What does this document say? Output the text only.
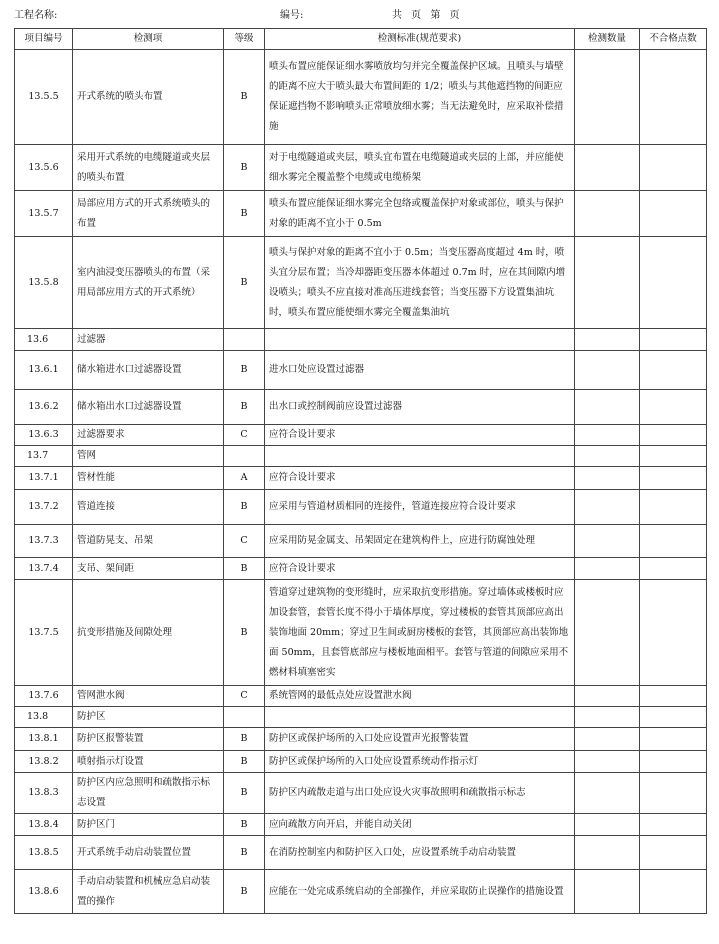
工程名称:	编号:	共 页 第 页
项目编号	检测项	等级	检测标准(规范要求)	检测数量	不合格点数
13.5.5	开式系统的喷头布置	B	喷头布置应能保证细水雾喷放均匀并完全覆盖保护区域。且喷头与墙壁的距离不应大于喷头最大布置间距的 1/2；喷头与其他遮挡物的间距应保证遮挡物不影响喷头正常喷放细水雾；当无法避免时，应采取补偿措施		
13.5.6	采用开式系统的电缆隧道或夹层的喷头布置	B	对于电缆隧道或夹层，喷头宜布置在电缆隧道或夹层的上部，并应能使细水雾完全覆盖整个电缆或电缆桥架		
13.5.7	局部应用方式的开式系统喷头的布置	B	喷头布置应能保证细水雾完全包络或覆盖保护对象或部位，喷头与保护对象的距离不宜小于 0.5m		
13.5.8	室内油浸变压器喷头的布置（采用局部应用方式的开式系统）	B	喷头与保护对象的距离不宜小于 0.5m；当变压器高度超过 4m 时，喷头宜分层布置；当冷却器距变压器本体超过 0.7m 时，应在其间隙内增设喷头；喷头不应直接对准高压进线套管；当变压器下方设置集油坑时，喷头布置应能使细水雾完全覆盖集油坑		
13.6	过滤器				
13.6.1	储水箱进水口过滤器设置	B	进水口处应设置过滤器		
13.6.2	储水箱出水口过滤器设置	B	出水口或控制阀前应设置过滤器		
13.6.3	过滤器要求	C	应符合设计要求		
13.7	管网				
13.7.1	管材性能	A	应符合设计要求		
13.7.2	管道连接	B	应采用与管道材质相同的连接件，管道连接应符合设计要求		
13.7.3	管道防晃支、吊架	C	应采用防晃金属支、吊架固定在建筑构件上，应进行防腐蚀处理		
13.7.4	支吊、架间距	B	应符合设计要求		
13.7.5	抗变形措施及间隙处理	B	管道穿过建筑物的变形缝时，应采取抗变形措施。穿过墙体或楼板时应加设套管，套管长度不得小于墙体厚度，穿过楼板的套管其顶部应高出装饰地面 20mm；穿过卫生间或厨房楼板的套管，其顶部应高出装饰地面 50mm，且套管底部应与楼板地面相平。套管与管道的间隙应采用不燃材料填塞密实		
13.7.6	管网泄水阀	C	系统管网的最低点处应设置泄水阀		
13.8	防护区				
13.8.1	防护区报警装置	B	防护区或保护场所的入口处应设置声光报警装置		
13.8.2	喷射指示灯设置	B	防护区或保护场所的入口处应设置系统动作指示灯		
13.8.3	防护区内应急照明和疏散指示标志设置	B	防护区内疏散走道与出口处应设火灾事故照明和疏散指示标志		
13.8.4	防护区门	B	应向疏散方向开启，并能自动关闭		
13.8.5	开式系统手动启动装置位置	B	在消防控制室内和防护区入口处，应设置系统手动启动装置		
13.8.6	手动启动装置和机械应急启动装置的操作	B	应能在一处完成系统启动的全部操作，并应采取防止误操作的措施设置		
